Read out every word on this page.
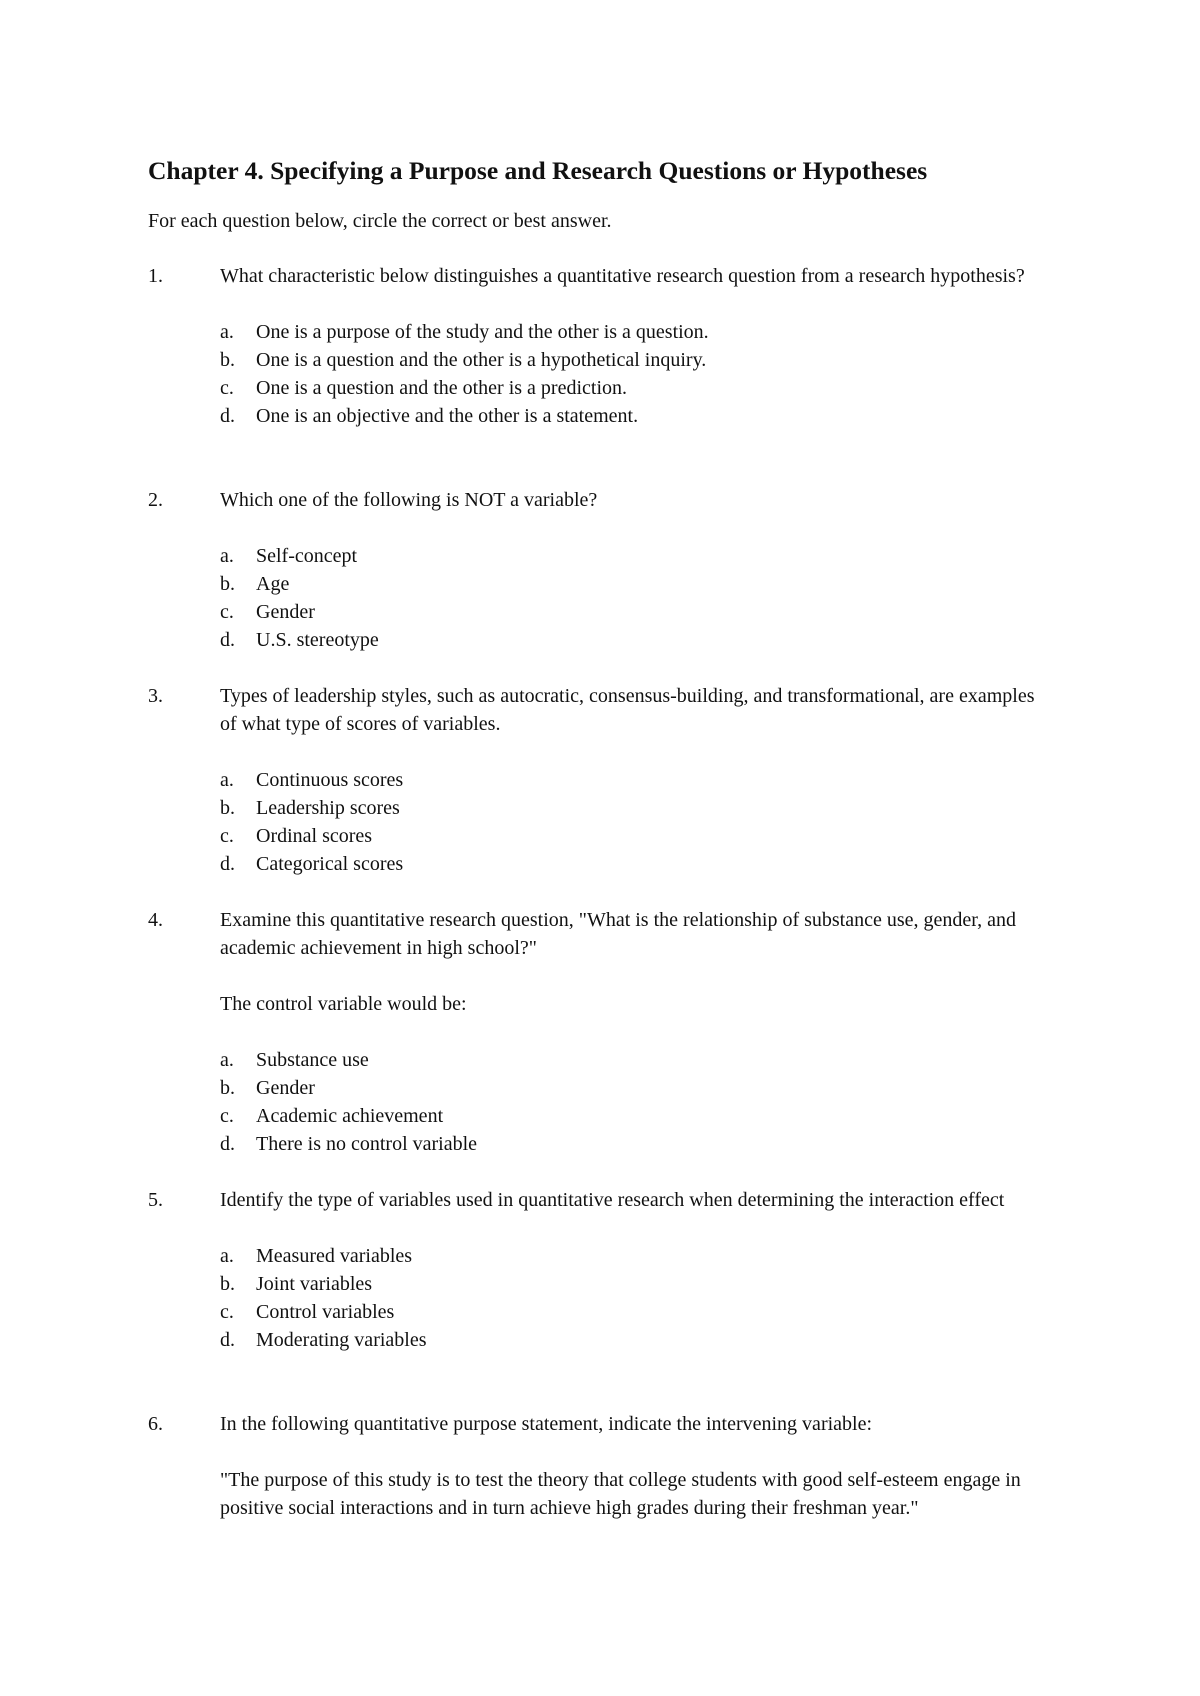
Chapter 4. Specifying a Purpose and Research Questions or Hypotheses
For each question below, circle the correct or best answer.
1.	What characteristic below distinguishes a quantitative research question from a research hypothesis?

a. One is a purpose of the study and the other is a question.
b. One is a question and the other is a hypothetical inquiry.
c. One is a question and the other is a prediction.
d. One is an objective and the other is a statement.
2.	Which one of the following is NOT a variable?

a. Self-concept
b. Age
c. Gender
d. U.S. stereotype
3.	Types of leadership styles, such as autocratic, consensus-building, and transformational, are examples of what type of scores of variables.

a. Continuous scores
b. Leadership scores
c. Ordinal scores
d. Categorical scores
4.	Examine this quantitative research question, "What is the relationship of substance use, gender, and academic achievement in high school?"

The control variable would be:

a. Substance use
b. Gender
c. Academic achievement
d. There is no control variable
5.	Identify the type of variables used in quantitative research when determining the interaction effect

a. Measured variables
b. Joint variables
c. Control variables
d. Moderating variables
6.	In the following quantitative purpose statement, indicate the intervening variable:

"The purpose of this study is to test the theory that college students with good self-esteem engage in positive social interactions and in turn achieve high grades during their freshman year."
